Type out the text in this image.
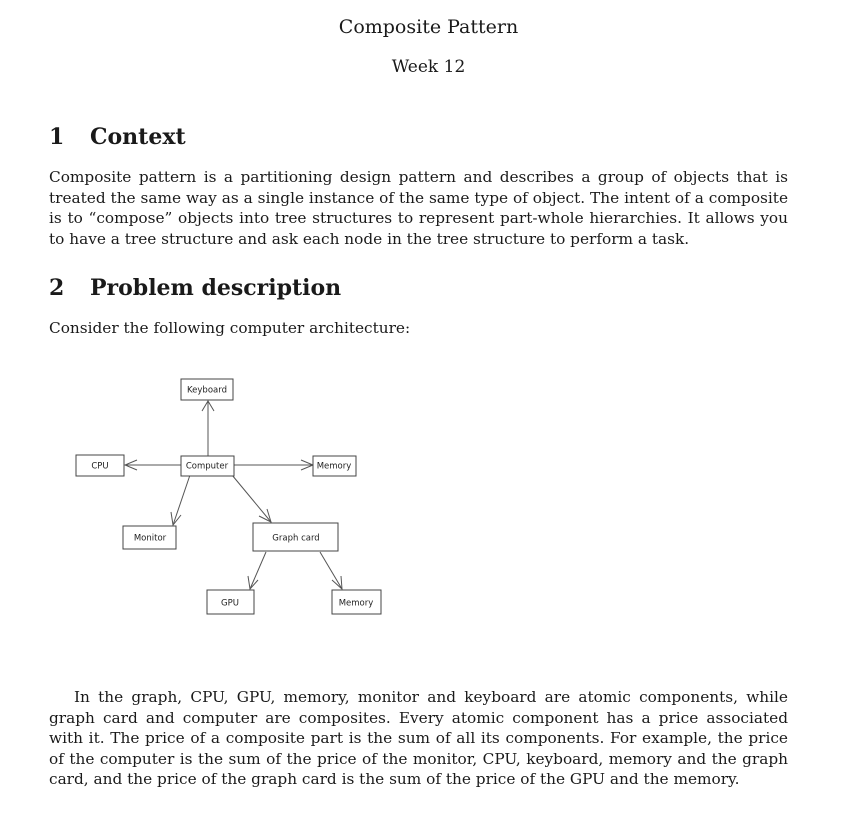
Composite Pattern
Week 12
1 Context

Composite pattern is a partitioning design pattern and describes a group of objects that is treated the same way as a single instance of the same type of object. The intent of a composite is to “compose” objects into tree structures to represent part-whole hierarchies. It allows you to have a tree structure and ask each node in the tree structure to perform a task.

2 Problem description

Consider the following computer architecture:

Keyboard
CPU	Computer	Memory
Monitor	Graph card
GPU	Memory

In the graph, CPU, GPU, memory, monitor and keyboard are atomic components, while graph card and computer are composites. Every atomic component has a price associated with it. The price of a composite part is the sum of all its components. For example, the price of the computer is the sum of the price of the monitor, CPU, keyboard, memory and the graph card, and the price of the graph card is the sum of the price of the GPU and the memory.
